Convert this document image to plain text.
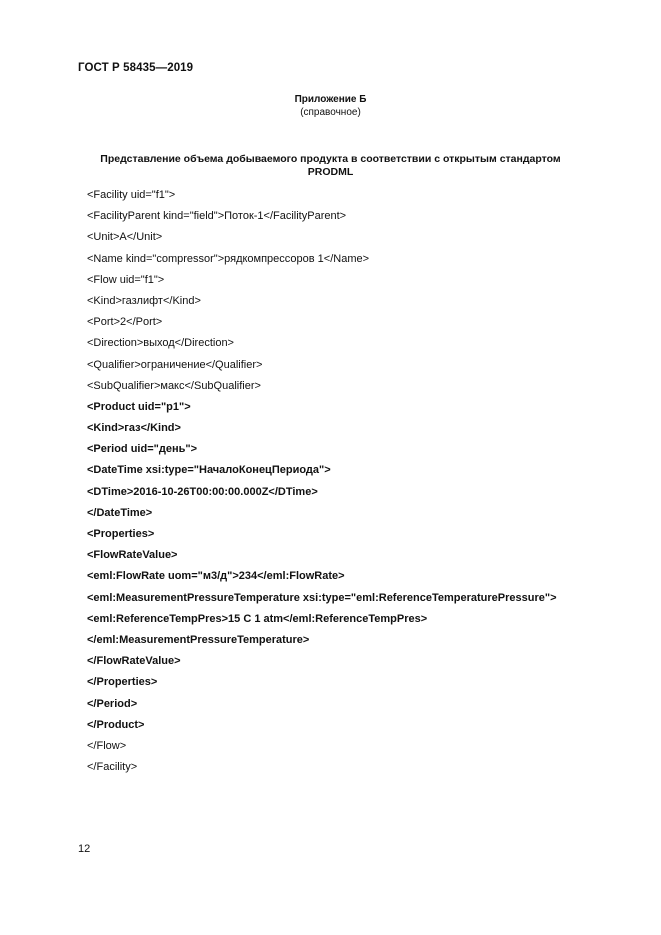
ГОСТ Р 58435—2019
Приложение Б
(справочное)
Представление объема добываемого продукта в соответствии с открытым стандартом
PRODML
<Facility uid="f1">
<FacilityParent kind="field">Поток-1</FacilityParent>
<Unit>A</Unit>
<Name kind="compressor">рядкомпрессоров 1</Name>
<Flow uid="f1">
<Kind>газлифт</Kind>
<Port>2</Port>
<Direction>выход</Direction>
<Qualifier>ограничение</Qualifier>
<SubQualifier>макс</SubQualifier>
<Product uid="p1">
<Kind>газ</Kind>
<Period uid="день">
<DateTime xsi:type="НачалоКонецПериода">
<DTime>2016-10-26T00:00:00.000Z</DTime>
</DateTime>
<Properties>
<FlowRateValue>
<eml:FlowRate uom="м3/д">234</eml:FlowRate>
<eml:MeasurementPressureTemperature xsi:type="eml:ReferenceTemperaturePressure">
<eml:ReferenceTempPres>15 C 1 atm</eml:ReferenceTempPres>
</eml:MeasurementPressureTemperature>
</FlowRateValue>
</Properties>
</Period>
</Product>
</Flow>
</Facility>
12
